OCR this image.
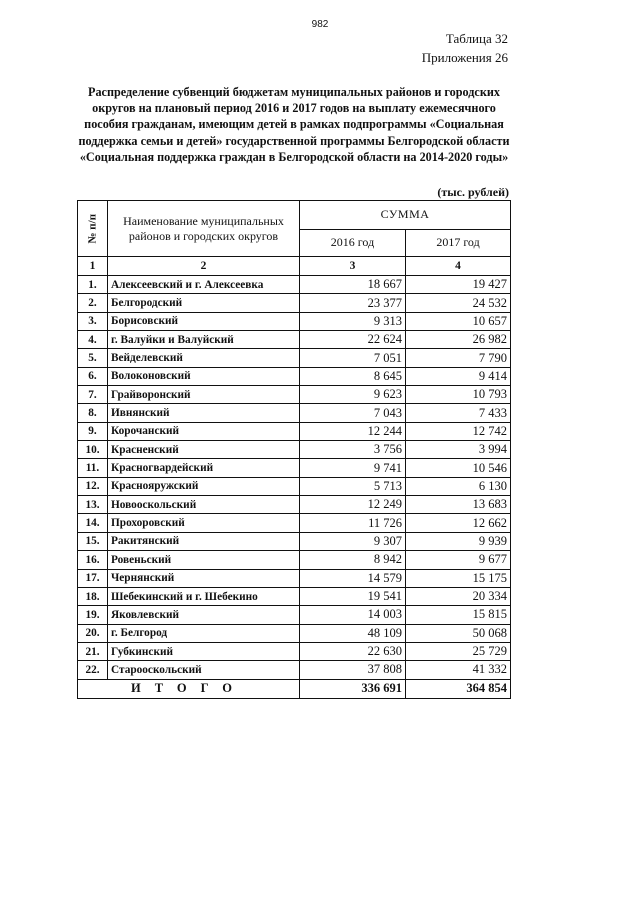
982
Таблица 32
Приложения 26
Распределение субвенций бюджетам муниципальных районов и городских округов на плановый период 2016 и 2017 годов на выплату ежемесячного пособия гражданам, имеющим детей в рамках подпрограммы «Социальная поддержка семьи и детей» государственной программы Белгородской области «Социальная поддержка граждан в Белгородской области на 2014-2020 годы»
(тыс. рублей)
№ п/п	Наименование муниципальных районов и городских округов	СУММА	
		2016 год	2017 год
1	2	3	4
1.	Алексеевский и г. Алексеевка	18 667	19 427
2.	Белгородский	23 377	24 532
3.	Борисовский	9 313	10 657
4.	г. Валуйки и Валуйский	22 624	26 982
5.	Вейделевский	7 051	7 790
6.	Волоконовский	8 645	9 414
7.	Грайворонский	9 623	10 793
8.	Ивнянский	7 043	7 433
9.	Корочанский	12 244	12 742
10.	Красненский	3 756	3 994
11.	Красногвардейский	9 741	10 546
12.	Краснояружский	5 713	6 130
13.	Новооскольский	12 249	13 683
14.	Прохоровский	11 726	12 662
15.	Ракитянский	9 307	9 939
16.	Ровеньский	8 942	9 677
17.	Чернянский	14 579	15 175
18.	Шебекинский и г. Шебекино	19 541	20 334
19.	Яковлевский	14 003	15 815
20.	г. Белгород	48 109	50 068
21.	Губкинский	22 630	25 729
22.	Старооскольский	37 808	41 332
ИТОГО		336 691	364 854
